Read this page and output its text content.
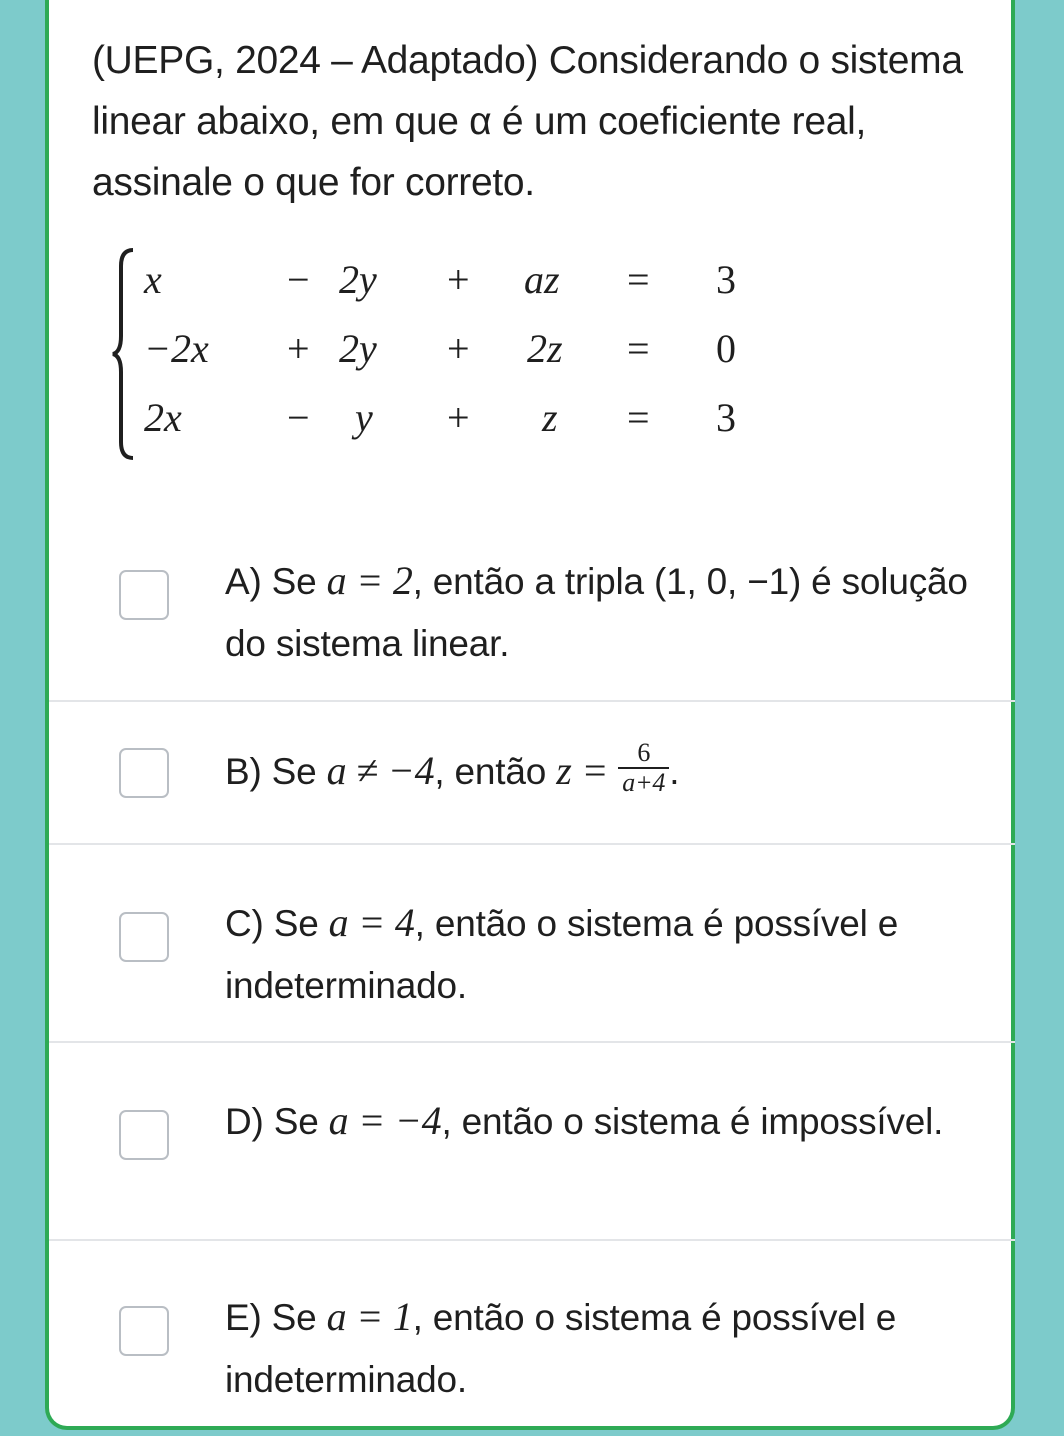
(UEPG, 2024 – Adaptado) Considerando o sistema linear abaixo, em que α é um coeficiente real, assinale o que for correto.
x	− 2y + az = 3
−2x + 2y + 2z = 0
2x	− y + z = 3
A) Se a = 2, então a tripla (1, 0, −1) é solução do sistema linear.
B) Se a ≠ −4, então $z = \frac{6}{a+4}$ .
C) Se a = 4, então o sistema é possível e indeterminado.
D) Se a = −4, então o sistema é impossível.
E) Se a = 1, então o sistema é possível e indeterminado.
